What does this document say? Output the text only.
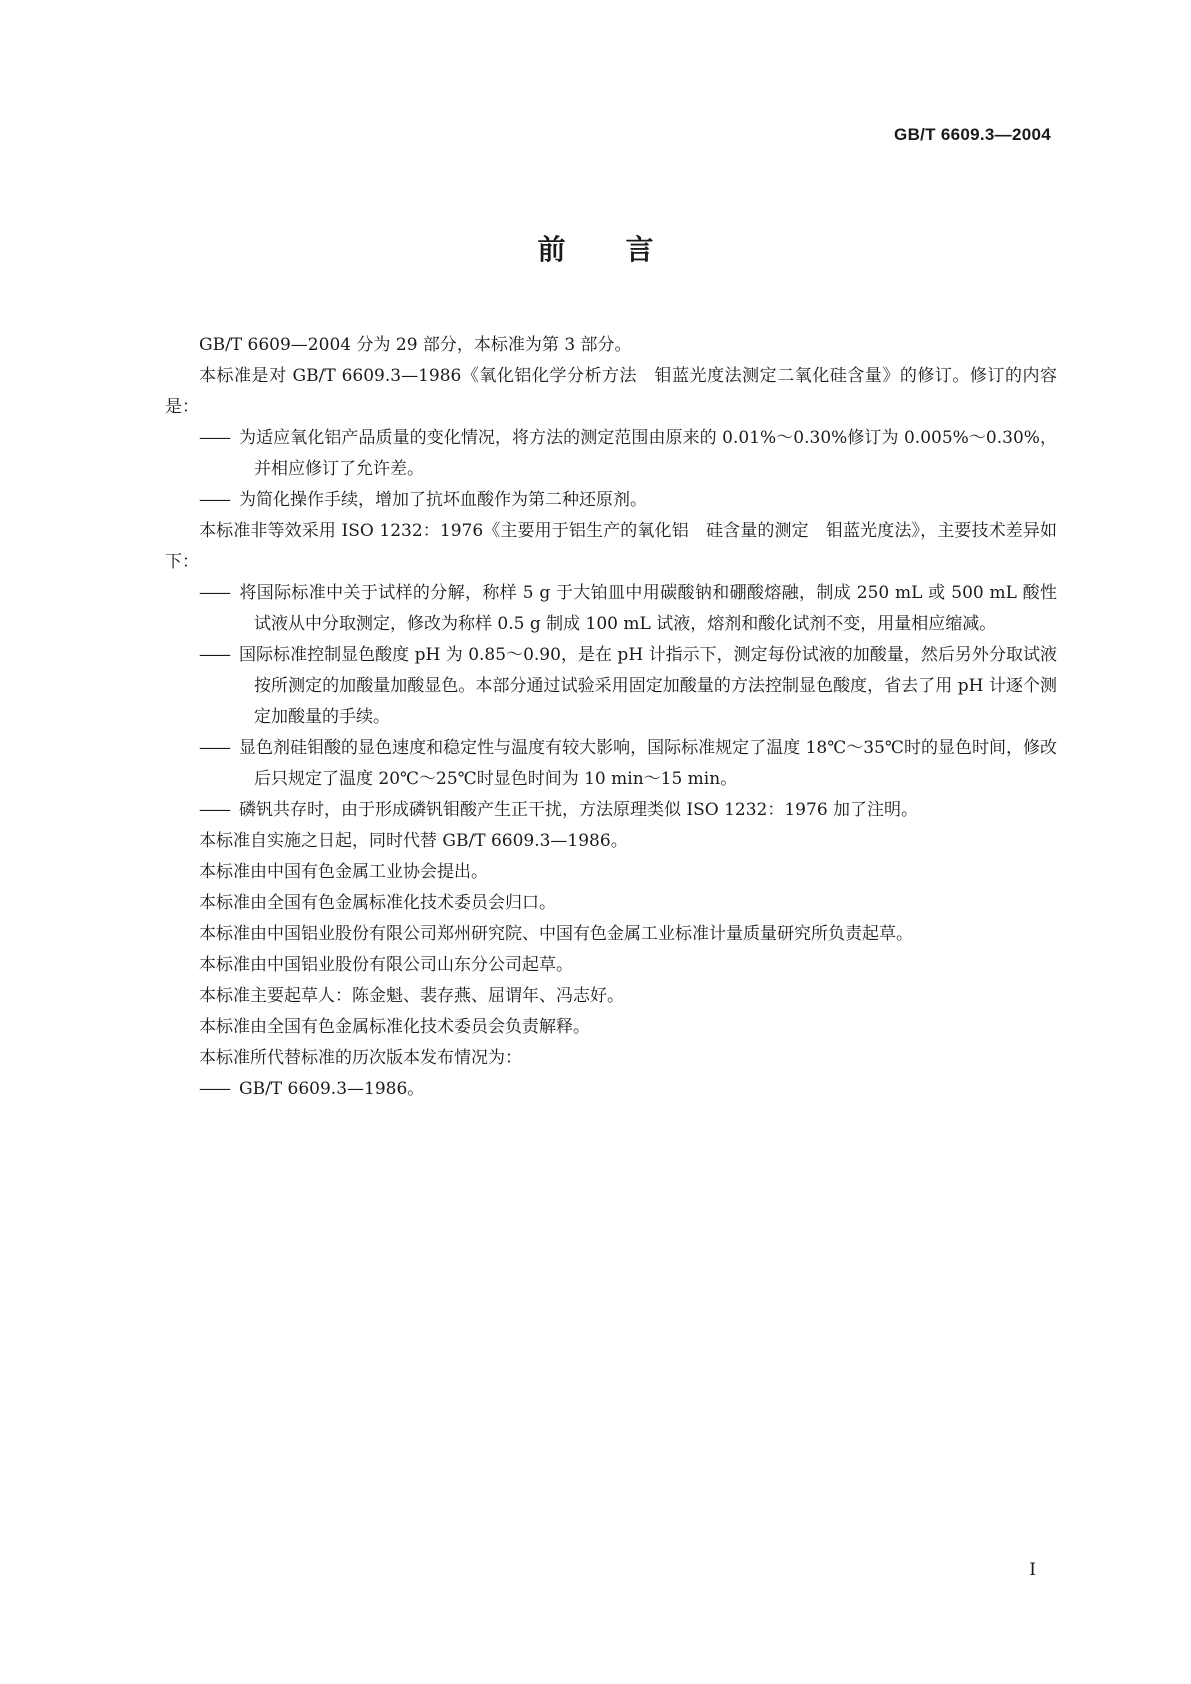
GB/T 6609.3—2004
前 言

GB/T 6609—2004 分为 29 部分，本标准为第 3 部分。

本标准是对 GB/T 6609.3—1986《氧化铝化学分析方法　钼蓝光度法测定二氧化硅含量》的修订。修订的内容是：

—— 为适应氧化铝产品质量的变化情况，将方法的测定范围由原来的 0.01%～0.30%修订为 0.005%～0.30%，并相应修订了允许差。

—— 为简化操作手续，增加了抗坏血酸作为第二种还原剂。

本标准非等效采用 ISO 1232：1976《主要用于铝生产的氧化铝　硅含量的测定　钼蓝光度法》，主要技术差异如下：

—— 将国际标准中关于试样的分解，称样 5 g 于大铂皿中用碳酸钠和硼酸熔融，制成 250 mL 或 500 mL 酸性试液从中分取测定，修改为称样 0.5 g 制成 100 mL 试液，熔剂和酸化试剂不变，用量相应缩减。

—— 国际标准控制显色酸度 pH 为 0.85～0.90，是在 pH 计指示下，测定每份试液的加酸量，然后另外分取试液按所测定的加酸量加酸显色。本部分通过试验采用固定加酸量的方法控制显色酸度，省去了用 pH 计逐个测定加酸量的手续。

—— 显色剂硅钼酸的显色速度和稳定性与温度有较大影响，国际标准规定了温度 18℃～35℃时的显色时间，修改后只规定了温度 20℃～25℃时显色时间为 10 min～15 min。

—— 磷钒共存时，由于形成磷钒钼酸产生正干扰，方法原理类似 ISO 1232：1976 加了注明。

本标准自实施之日起，同时代替 GB/T 6609.3—1986。

本标准由中国有色金属工业协会提出。

本标准由全国有色金属标准化技术委员会归口。

本标准由中国铝业股份有限公司郑州研究院、中国有色金属工业标准计量质量研究所负责起草。

本标准由中国铝业股份有限公司山东分公司起草。

本标准主要起草人：陈金魁、裴存燕、屈谓年、冯志好。

本标准由全国有色金属标准化技术委员会负责解释。

本标准所代替标准的历次版本发布情况为：

—— GB/T 6609.3—1986。

I
